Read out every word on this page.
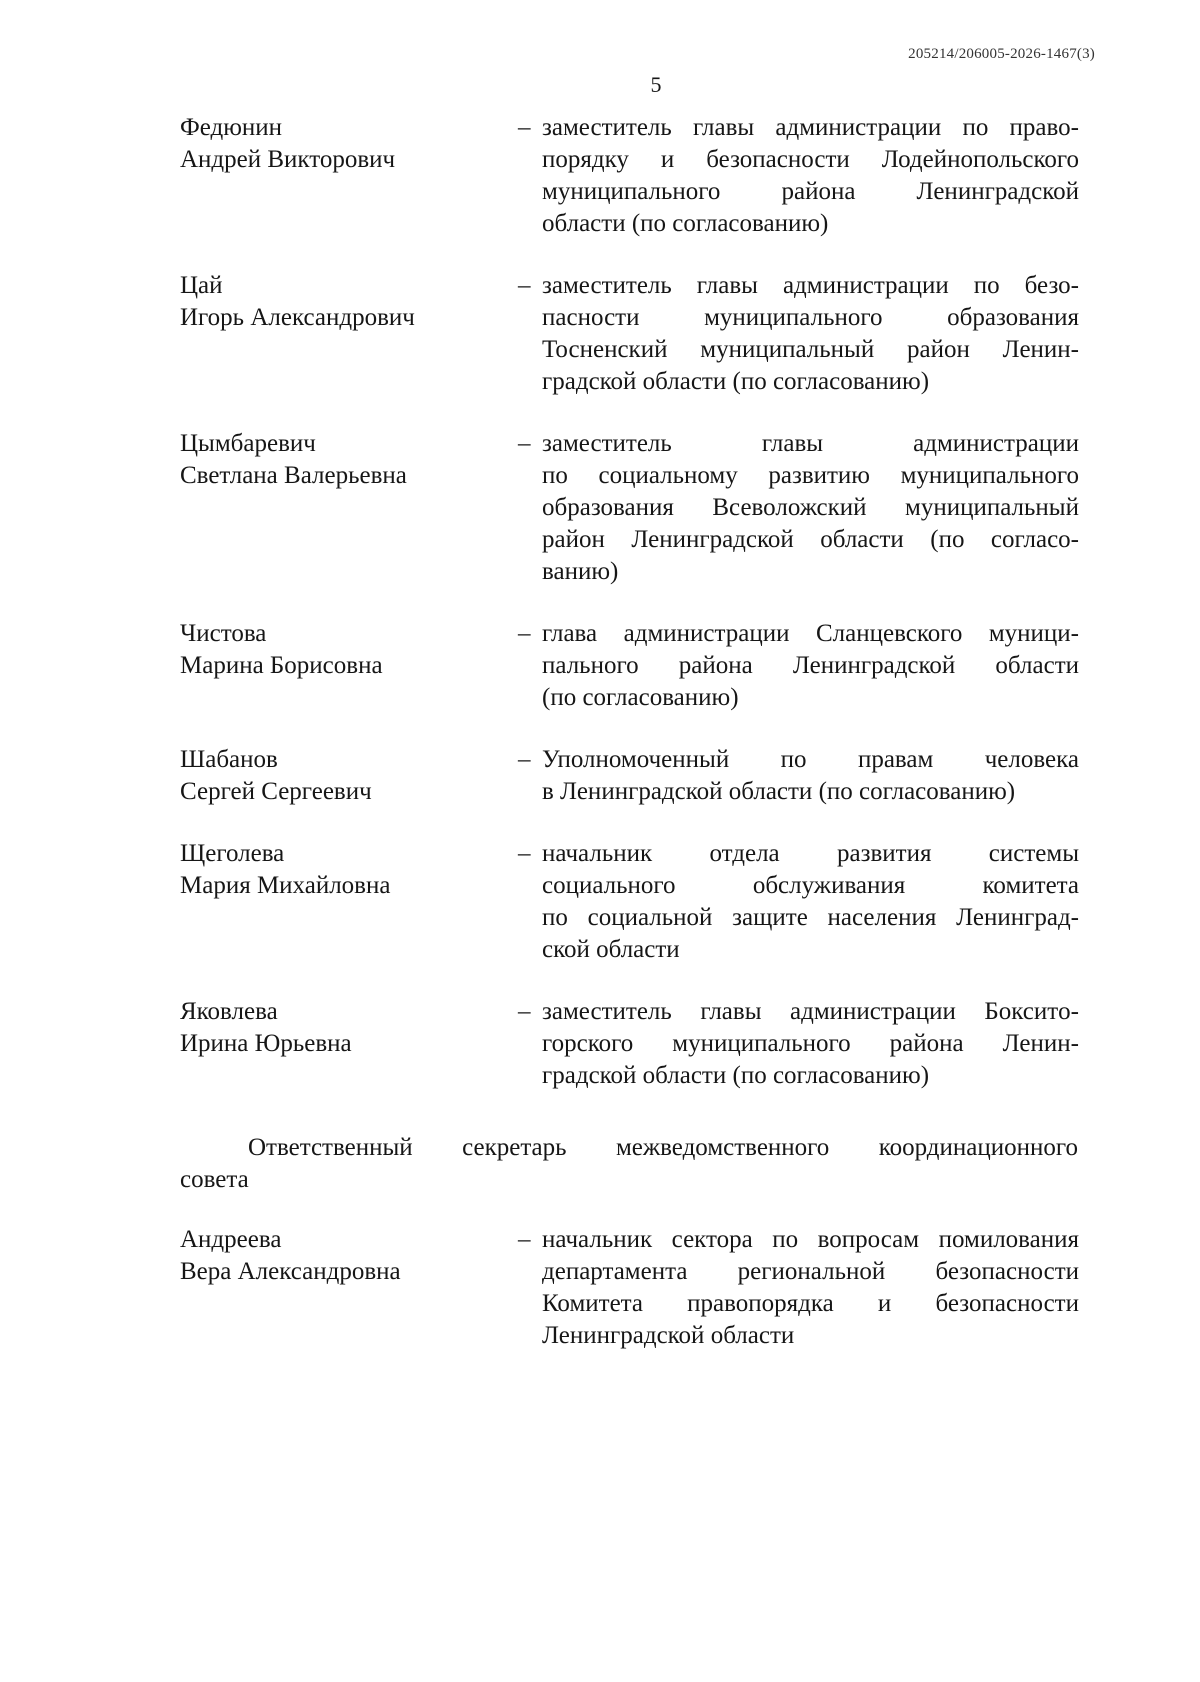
205214/206005-2026-1467(3)
5
Федюнин
Андрей Викторович
– заместитель главы администрации по право-
порядку и безопасности Лодейнопольского
муниципального района Ленинградской
области (по согласованию)
Цай
Игорь Александрович
– заместитель главы администрации по безо-
пасности муниципального образования
Тосненский муниципальный район Ленин-
градской области (по согласованию)
Цымбаревич
Светлана Валерьевна
– заместитель главы администрации
по социальному развитию муниципального
образования Всеволожский муниципальный
район Ленинградской области (по согласо-
ванию)
Чистова
Марина Борисовна
– глава администрации Сланцевского муници-
пального района Ленинградской области
(по согласованию)
Шабанов
Сергей Сергеевич
– Уполномоченный по правам человека
в Ленинградской области (по согласованию)
Щеголева
Мария Михайловна
– начальник отдела развития системы
социального обслуживания комитета
по социальной защите населения Ленинград-
ской области
Яковлева
Ирина Юрьевна
– заместитель главы администрации Бокситo-
горского муниципального района Ленин-
градской области (по согласованию)
Ответственный секретарь межведомственного координационного
совета
Андреева
Вера Александровна
– начальник сектора по вопросам помилования
департамента региональной безопасности
Комитета правопорядка и безопасности
Ленинградской области
